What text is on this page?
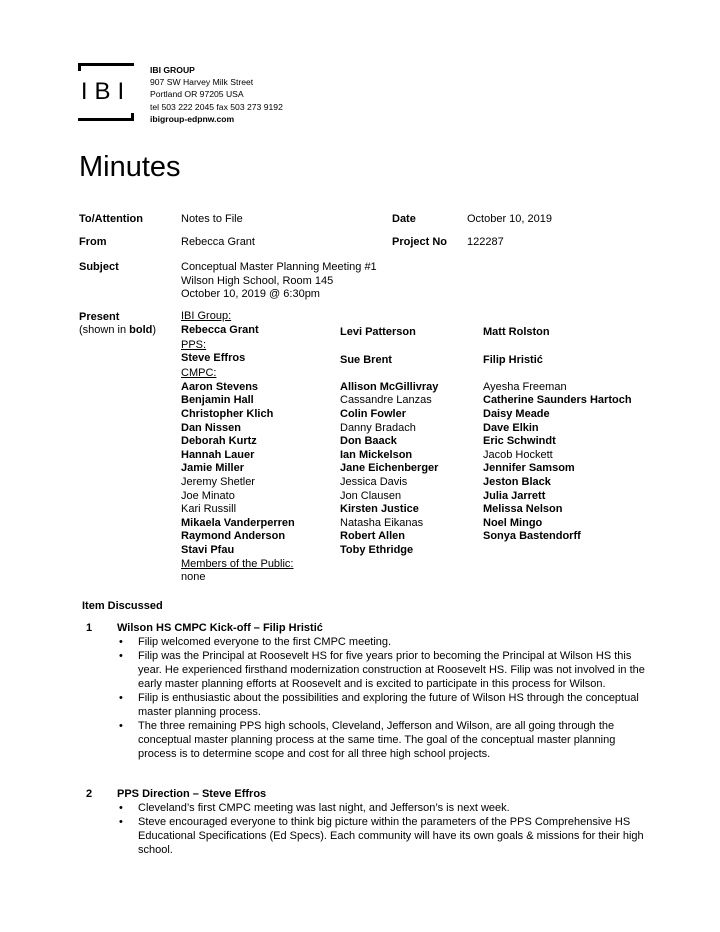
IBI
IBI GROUP
907 SW Harvey Milk Street
Portland OR 97205 USA
tel 503 222 2045 fax 503 273 9192
ibigroup-edpnw.com
Minutes
To/Attention	Notes to File	Date	October 10, 2019
From	Rebecca Grant	Project No 122287
Subject	Conceptual Master Planning Meeting #1
Wilson High School, Room 145
October 10, 2019 @ 6:30pm
Present
(shown in bold)
IBI Group:
Rebecca Grant	Levi Patterson	Matt Rolston
PPS:
Steve Effros	Sue Brent	Filip Hristić
CMPC:
Aaron Stevens	Allison McGillivray	Ayesha Freeman
Benjamin Hall	Cassandre Lanzas	Catherine Saunders Hartoch
Christopher Klich	Colin Fowler	Daisy Meade
Dan Nissen	Danny Bradach	Dave Elkin
Deborah Kurtz	Don Baack	Eric Schwindt
Hannah Lauer	Ian Mickelson	Jacob Hockett
Jamie Miller	Jane Eichenberger	Jennifer Samsom
Jeremy Shetler	Jessica Davis	Jeston Black
Joe Minato	Jon Clausen	Julia Jarrett
Kari Russill	Kirsten Justice	Melissa Nelson
Mikaela Vanderperren	Natasha Eikanas	Noel Mingo
Raymond Anderson	Robert Allen	Sonya Bastendorff
Stavi Pfau	Toby Ethridge
Members of the Public:
none
Item Discussed
1 Wilson HS CMPC Kick-off – Filip Hristić
• Filip welcomed everyone to the first CMPC meeting.
• Filip was the Principal at Roosevelt HS for five years prior to becoming the Principal at Wilson HS this year. He experienced firsthand modernization construction at Roosevelt HS. Filip was not involved in the early master planning efforts at Roosevelt and is excited to participate in this process for Wilson.
• Filip is enthusiastic about the possibilities and exploring the future of Wilson HS through the conceptual master planning process.
• The three remaining PPS high schools, Cleveland, Jefferson and Wilson, are all going through the conceptual master planning process at the same time. The goal of the conceptual master planning process is to determine scope and cost for all three high school projects.
2 PPS Direction – Steve Effros
• Cleveland’s first CMPC meeting was last night, and Jefferson’s is next week.
• Steve encouraged everyone to think big picture within the parameters of the PPS Comprehensive HS Educational Specifications (Ed Specs). Each community will have its own goals & missions for their high school.
